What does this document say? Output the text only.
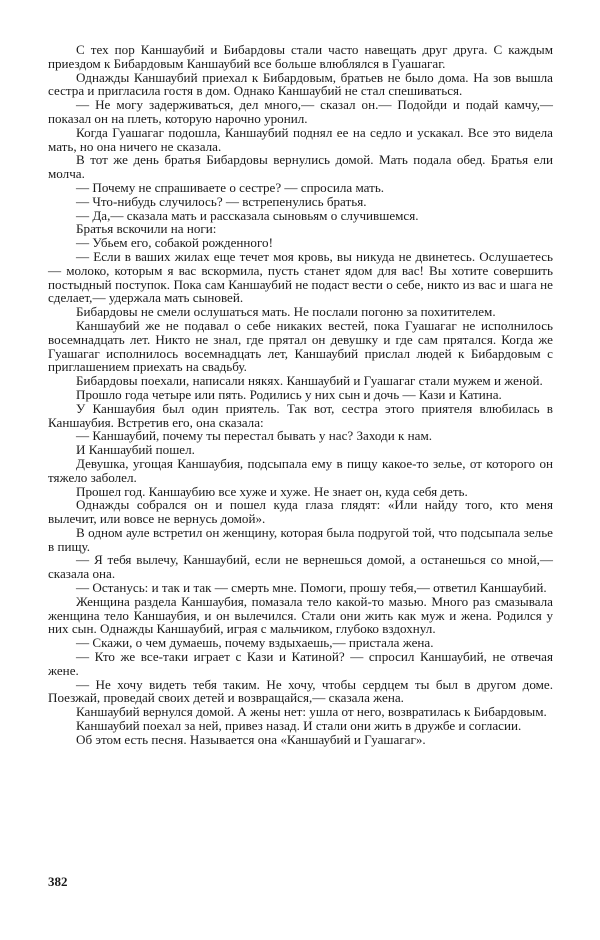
С тех пор Каншаубий и Бибардовы стали часто навещать друг друга. С каждым приездом к Бибардовым Каншаубий все больше влюблялся в Гуашагаг.

Однажды Каншаубий приехал к Бибардовым, братьев не было дома. На зов вышла сестра и пригласила гостя в дом. Однако Каншаубий не стал спешиваться.

— Не могу задерживаться, дел много,— сказал он.— Подойди и подай камчу,— показал он на плеть, которую нарочно уронил.

Когда Гуашагаг подошла, Каншаубий поднял ее на седло и ускакал. Все это видела мать, но она ничего не сказала.

В тот же день братья Бибардовы вернулись домой. Мать подала обед. Братья ели молча.

— Почему не спрашиваете о сестре? — спросила мать.

— Что-нибудь случилось? — встрепенулись братья.

— Да,— сказала мать и рассказала сыновьям о случившемся.

Братья вскочили на ноги:

— Убьем его, собакой рожденного!

— Если в ваших жилах еще течет моя кровь, вы никуда не двинетесь. Ослушаетесь — молоко, которым я вас вскормила, пусть станет ядом для вас! Вы хотите совершить постыдный поступок. Пока сам Каншаубий не подаст вести о себе, никто из вас и шага не сделает,— удержала мать сыновей.

Бибардовы не смели ослушаться мать. Не послали погоню за похитителем.

Каншаубий же не подавал о себе никаких вестей, пока Гуашагаг не исполнилось восемнадцать лет. Никто не знал, где прятал он девушку и где сам прятался. Когда же Гуашагаг исполнилось восемнадцать лет, Каншаубий прислал людей к Бибардовым с приглашением приехать на свадьбу.

Бибардовы поехали, написали някях. Каншаубий и Гуашагаг стали мужем и женой.

Прошло года четыре или пять. Родились у них сын и дочь — Кази и Катина.

У Каншаубия был один приятель. Так вот, сестра этого приятеля влюбилась в Каншаубия. Встретив его, она сказала:

— Каншаубий, почему ты перестал бывать у нас? Заходи к нам.

И Каншаубий пошел.

Девушка, угощая Каншаубия, подсыпала ему в пищу какое-то зелье, от которого он тяжело заболел.

Прошел год. Каншаубию все хуже и хуже. Не знает он, куда себя деть.

Однажды собрался он и пошел куда глаза глядят: «Или найду того, кто меня вылечит, или вовсе не вернусь домой».

В одном ауле встретил он женщину, которая была подругой той, что подсыпала зелье в пищу.

— Я тебя вылечу, Каншаубий, если не вернешься домой, а останешься со мной,— сказала она.

— Останусь: и так и так — смерть мне. Помоги, прошу тебя,— ответил Каншаубий.

Женщина раздела Каншаубия, помазала тело какой-то мазью. Много раз смазывала женщина тело Каншаубия, и он вылечился. Стали они жить как муж и жена. Родился у них сын. Однажды Каншаубий, играя с мальчиком, глубоко вздохнул.

— Скажи, о чем думаешь, почему вздыхаешь,— пристала жена.

— Кто же все-таки играет с Кази и Катиной? — спросил Каншаубий, не отвечая жене.

— Не хочу видеть тебя таким. Не хочу, чтобы сердцем ты был в другом доме. Поезжай, проведай своих детей и возвращайся,— сказала жена.

Каншаубий вернулся домой. А жены нет: ушла от него, возвратилась к Бибардовым.

Каншаубий поехал за ней, привез назад. И стали они жить в дружбе и согласии.

Об этом есть песня. Называется она «Каншаубий и Гуашагаг».

382
